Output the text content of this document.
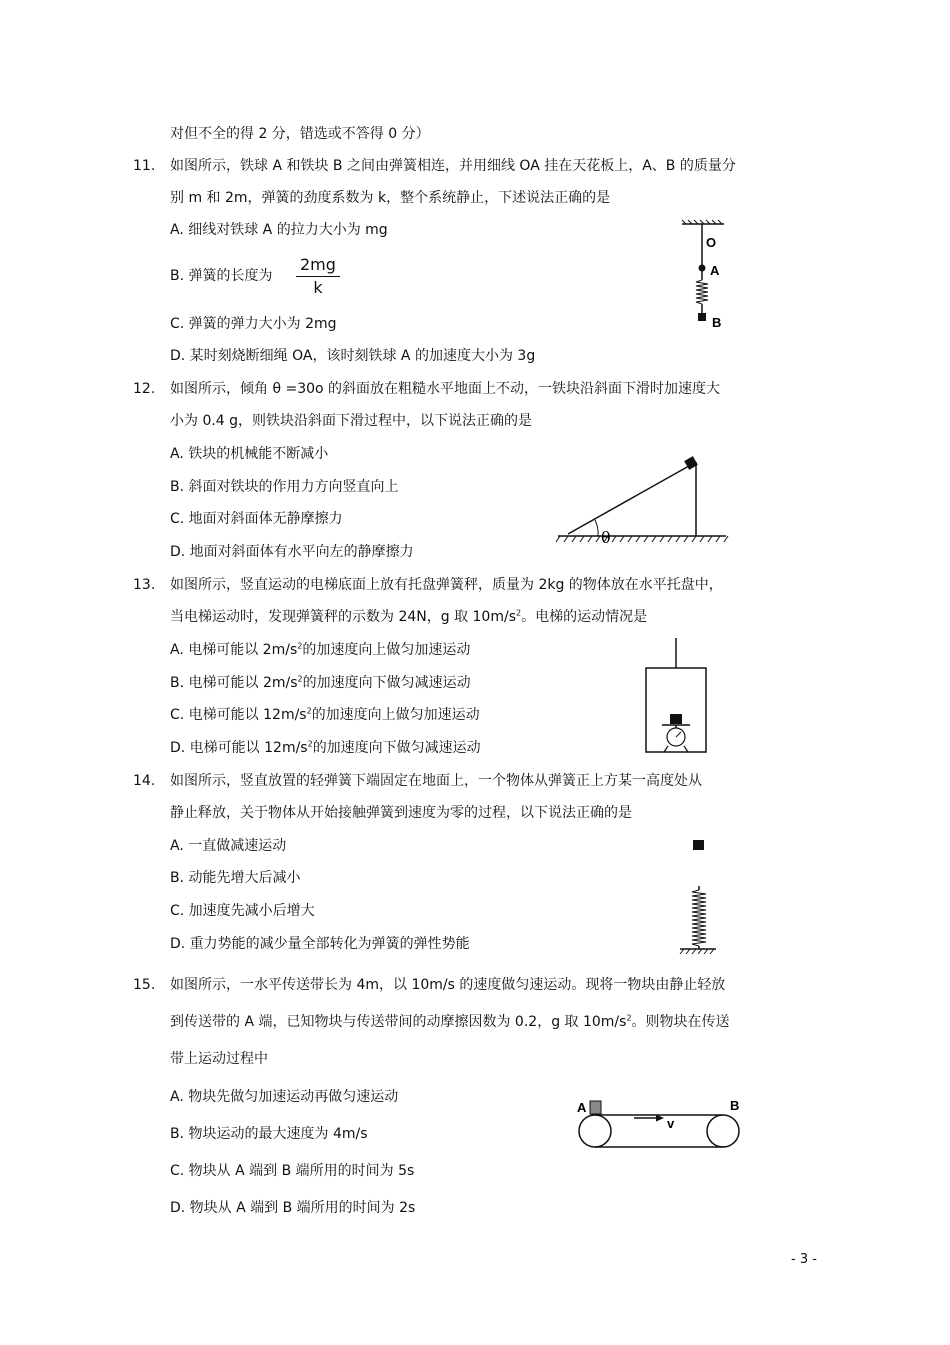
对但不全的得 2 分，错选或不答得 0 分）
11. 如图所示，铁球 A 和铁块 B 之间由弹簧相连，并用细线 OA 挂在天花板上，A、B 的质量分
别 m 和 2m，弹簧的劲度系数为 k，整个系统静止，下述说法正确的是
A. 细线对铁球 A 的拉力大小为 mg
B. 弹簧的长度为 $\frac{2mg}{k}$
C. 弹簧的弹力大小为 2mg
D. 某时刻烧断细绳 OA，该时刻铁球 A 的加速度大小为 3g
O
A
B
12. 如图所示，倾角 θ =30o 的斜面放在粗糙水平地面上不动，一铁块沿斜面下滑时加速度大
小为 0.4 g，则铁块沿斜面下滑过程中，以下说法正确的是
A. 铁块的机械能不断减小
B. 斜面对铁块的作用力方向竖直向上
C. 地面对斜面体无静摩擦力
D. 地面对斜面体有水平向左的静摩擦力
θ
13. 如图所示，竖直运动的电梯底面上放有托盘弹簧秤，质量为 2kg 的物体放在水平托盘中，
当电梯运动时，发现弹簧秤的示数为 24N，g 取 $10m/s^2$。电梯的运动情况是
A. 电梯可能以 $2m/s^2$的加速度向上做匀加速运动
B. 电梯可能以 $2m/s^2$的加速度向下做匀减速运动
C. 电梯可能以 $12m/s^2$的加速度向上做匀加速运动
D. 电梯可能以 $12m/s^2$的加速度向下做匀减速运动
14. 如图所示，竖直放置的轻弹簧下端固定在地面上，一个物体从弹簧正上方某一高度处从
静止释放，关于物体从开始接触弹簧到速度为零的过程，以下说法正确的是
A. 一直做减速运动
B. 动能先增大后减小
C. 加速度先减小后增大
D. 重力势能的减少量全部转化为弹簧的弹性势能
15. 如图所示，一水平传送带长为 4m，以 10m/s 的速度做匀速运动。现将一物块由静止轻放
到传送带的 A 端，已知物块与传送带间的动摩擦因数为 0.2，g 取 $10m/s^2$。则物块在传送
带上运动过程中
A. 物块先做匀加速运动再做匀速运动
B. 物块运动的最大速度为 4m/s
C. 物块从 A 端到 B 端所用的时间为 5s
D. 物块从 A 端到 B 端所用的时间为 2s
A	B
v
- 3 -
